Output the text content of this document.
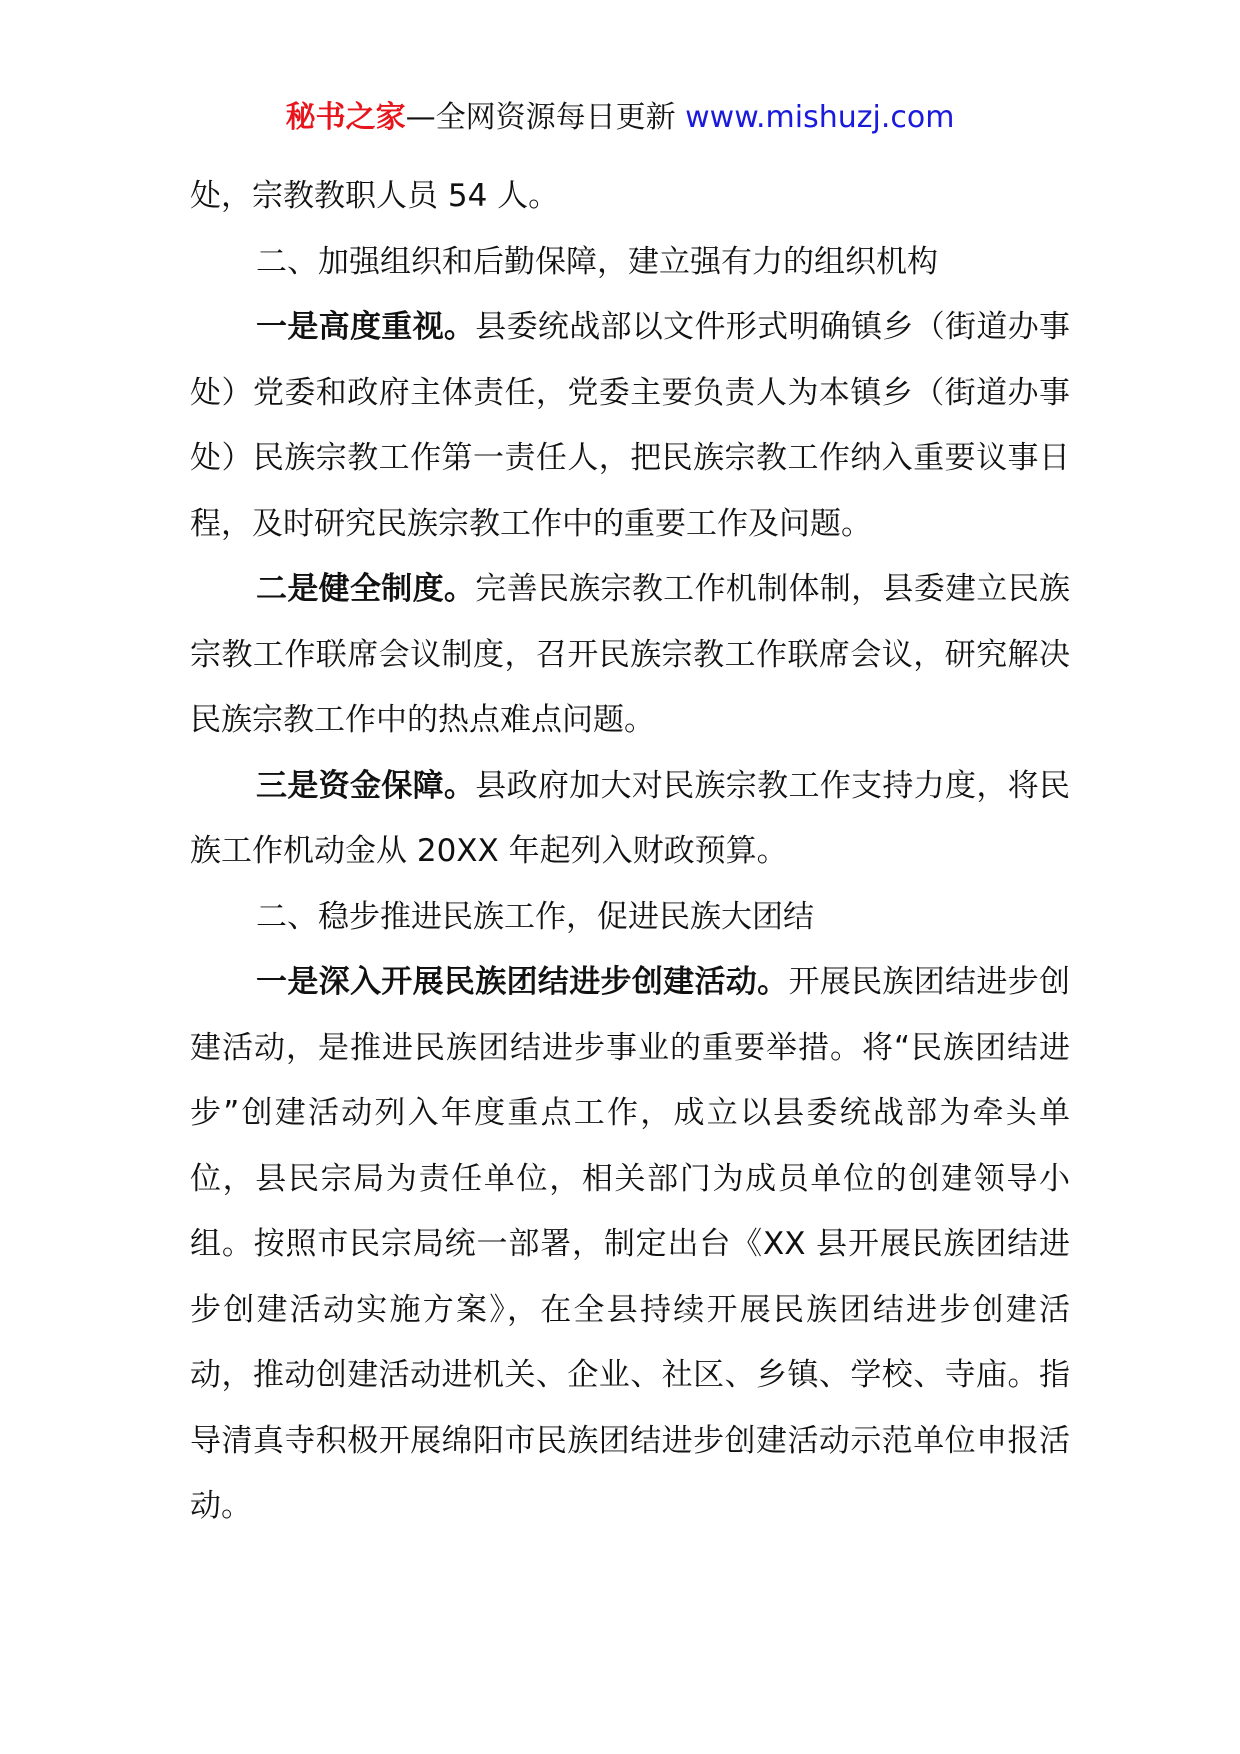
秘书之家—全网资源每日更新 www.mishuzj.com

处，宗教教职人员 54 人。

二、加强组织和后勤保障，建立强有力的组织机构

一是高度重视。县委统战部以文件形式明确镇乡（街道办事处）党委和政府主体责任，党委主要负责人为本镇乡（街道办事处）民族宗教工作第一责任人，把民族宗教工作纳入重要议事日程，及时研究民族宗教工作中的重要工作及问题。

二是健全制度。完善民族宗教工作机制体制，县委建立民族宗教工作联席会议制度，召开民族宗教工作联席会议，研究解决民族宗教工作中的热点难点问题。

三是资金保障。县政府加大对民族宗教工作支持力度，将民族工作机动金从 20XX 年起列入财政预算。

二、稳步推进民族工作，促进民族大团结

一是深入开展民族团结进步创建活动。开展民族团结进步创建活动，是推进民族团结进步事业的重要举措。将“民族团结进步”创建活动列入年度重点工作，成立以县委统战部为牵头单位，县民宗局为责任单位，相关部门为成员单位的创建领导小组。按照市民宗局统一部署，制定出台《XX 县开展民族团结进步创建活动实施方案》，在全县持续开展民族团结进步创建活动，推动创建活动进机关、企业、社区、乡镇、学校、寺庙。指导清真寺积极开展绵阳市民族团结进步创建活动示范单位申报活动。
